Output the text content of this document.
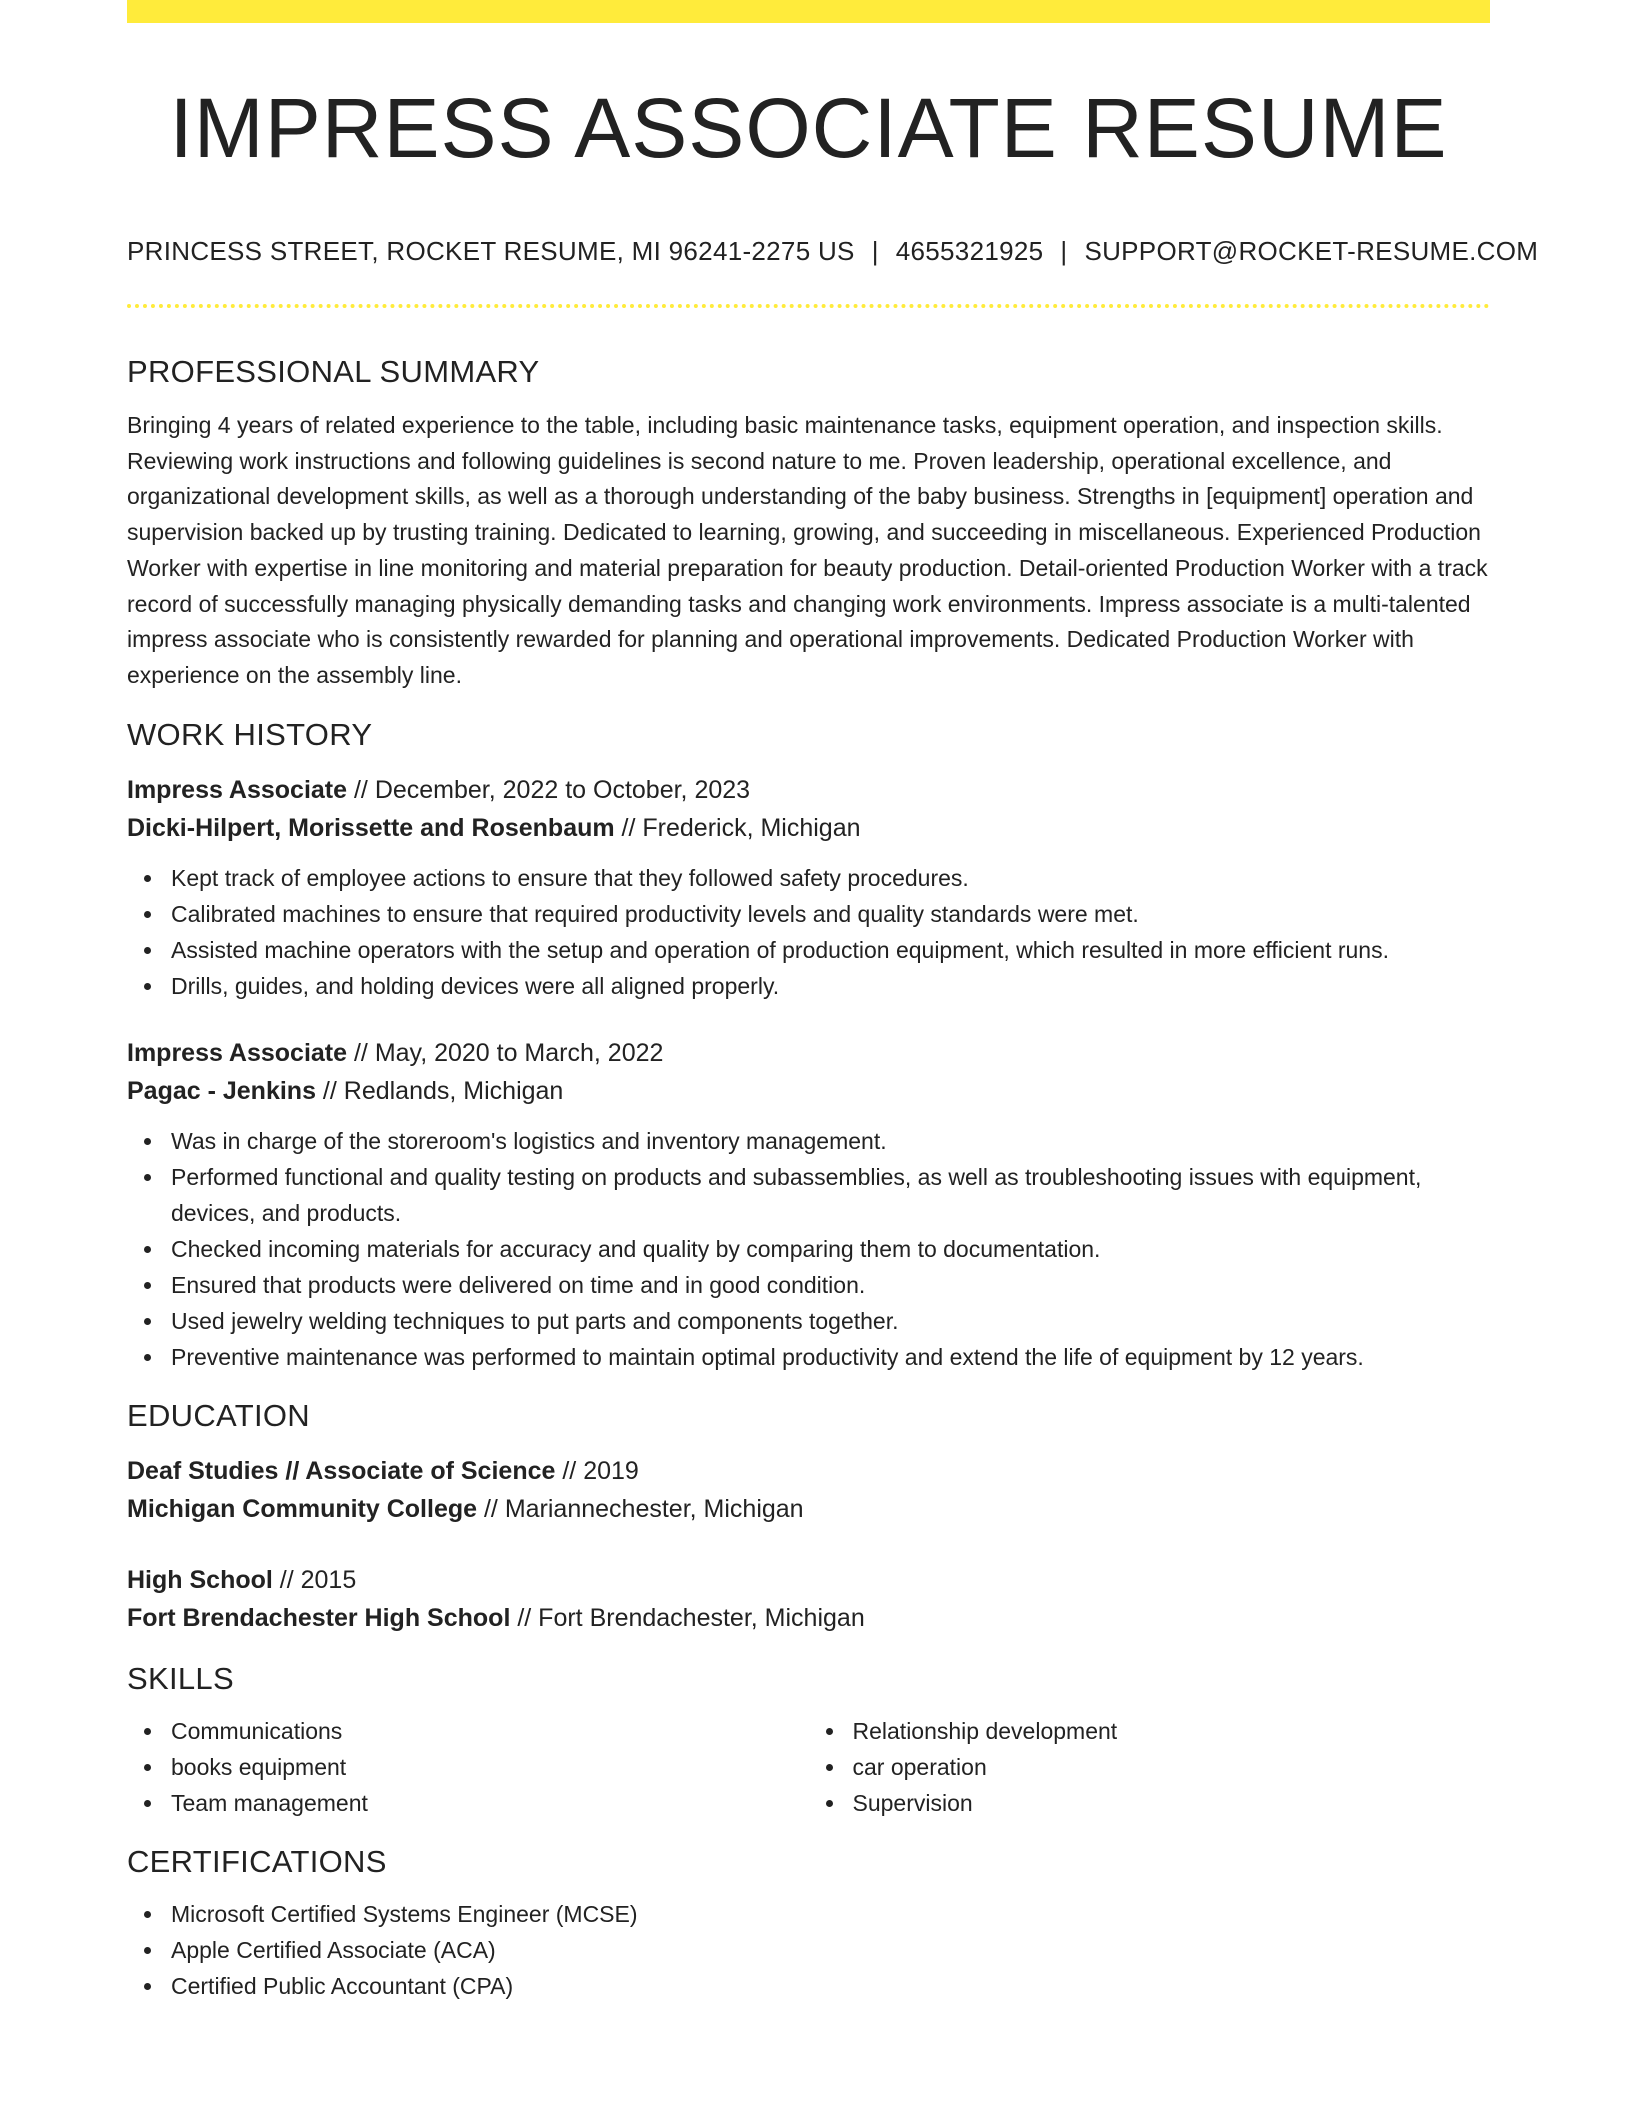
IMPRESS ASSOCIATE RESUME
PRINCESS STREET, ROCKET RESUME, MI 96241-2275 US | 4655321925 | SUPPORT@ROCKET-RESUME.COM
PROFESSIONAL SUMMARY

Bringing 4 years of related experience to the table, including basic maintenance tasks, equipment operation, and inspection skills. Reviewing work instructions and following guidelines is second nature to me. Proven leadership, operational excellence, and organizational development skills, as well as a thorough understanding of the baby business. Strengths in [equipment] operation and supervision backed up by trusting training. Dedicated to learning, growing, and succeeding in miscellaneous. Experienced Production Worker with expertise in line monitoring and material preparation for beauty production. Detail-oriented Production Worker with a track record of successfully managing physically demanding tasks and changing work environments. Impress associate is a multi-talented impress associate who is consistently rewarded for planning and operational improvements. Dedicated Production Worker with experience on the assembly line.

WORK HISTORY
Impress Associate // December, 2022 to October, 2023
Dicki-Hilpert, Morissette and Rosenbaum // Frederick, Michigan
Kept track of employee actions to ensure that they followed safety procedures.
Calibrated machines to ensure that required productivity levels and quality standards were met.
Assisted machine operators with the setup and operation of production equipment, which resulted in more efficient runs.
Drills, guides, and holding devices were all aligned properly.
Impress Associate // May, 2020 to March, 2022
Pagac - Jenkins // Redlands, Michigan
Was in charge of the storeroom's logistics and inventory management.
Performed functional and quality testing on products and subassemblies, as well as troubleshooting issues with equipment, devices, and products.
Checked incoming materials for accuracy and quality by comparing them to documentation.
Ensured that products were delivered on time and in good condition.
Used jewelry welding techniques to put parts and components together.
Preventive maintenance was performed to maintain optimal productivity and extend the life of equipment by 12 years.
EDUCATION
Deaf Studies // Associate of Science // 2019
Michigan Community College // Mariannechester, Michigan
High School // 2015
Fort Brendachester High School // Fort Brendachester, Michigan
SKILLS
Communications
books equipment
Team management
Relationship development
car operation
Supervision
CERTIFICATIONS
Microsoft Certified Systems Engineer (MCSE)
Apple Certified Associate (ACA)
Certified Public Accountant (CPA)
